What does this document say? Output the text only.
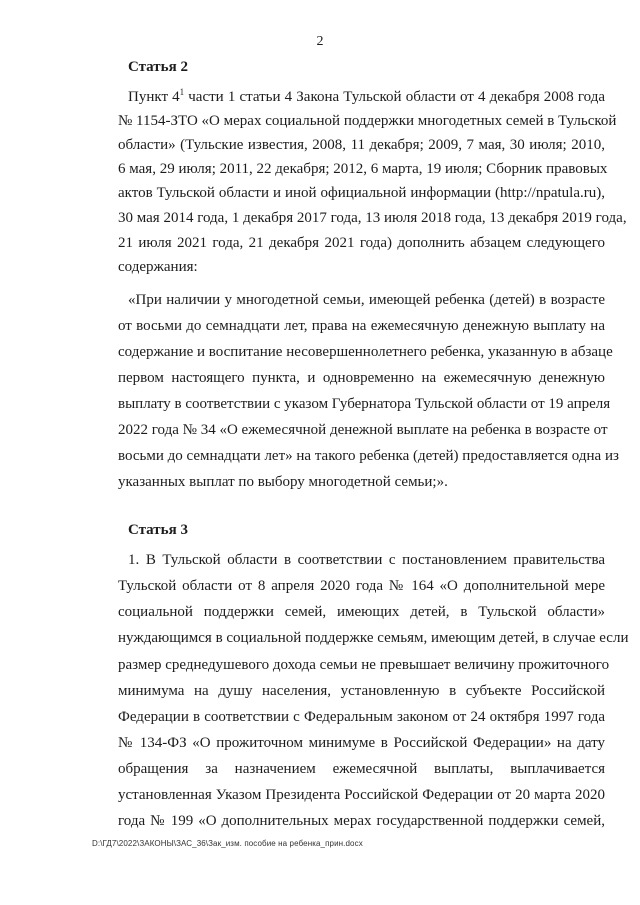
2
Статья 2
Пункт $4^1$ части 1 статьи 4 Закона Тульской области от 4 декабря 2008 года
№ 1154-ЗТО «О мерах социальной поддержки многодетных семей в Тульской
области» (Тульские известия, 2008, 11 декабря; 2009, 7 мая, 30 июля; 2010,
6 мая, 29 июля; 2011, 22 декабря; 2012, 6 марта, 19 июля; Сборник правовых
актов Тульской области и иной официальной информации (http://npatula.ru),
30 мая 2014 года, 1 декабря 2017 года, 13 июля 2018 года, 13 декабря 2019 года,
21 июля 2021 года, 21 декабря 2021 года) дополнить абзацем следующего
содержания:
«При наличии у многодетной семьи, имеющей ребенка (детей) в возрасте
от восьми до семнадцати лет, права на ежемесячную денежную выплату на
содержание и воспитание несовершеннолетнего ребенка, указанную в абзаце
первом настоящего пункта, и одновременно на ежемесячную денежную
выплату в соответствии с указом Губернатора Тульской области от 19 апреля
2022 года № 34 «О ежемесячной денежной выплате на ребенка в возрасте от
восьми до семнадцати лет» на такого ребенка (детей) предоставляется одна из
указанных выплат по выбору многодетной семьи;».
Статья 3
1. В Тульской области в соответствии с постановлением правительства
Тульской области от 8 апреля 2020 года № 164 «О дополнительной мере
социальной поддержки семей, имеющих детей, в Тульской области»
нуждающимся в социальной поддержке семьям, имеющим детей, в случае если
размер среднедушевого дохода семьи не превышает величину прожиточного
минимума на душу населения, установленную в субъекте Российской
Федерации в соответствии с Федеральным законом от 24 октября 1997 года
№ 134-ФЗ «О прожиточном минимуме в Российской Федерации» на дату
обращения за назначением ежемесячной выплаты, выплачивается
установленная Указом Президента Российской Федерации от 20 марта 2020
года № 199 «О дополнительных мерах государственной поддержки семей,
D:\ГД7\2022\ЗАКОНЫ\ЗАС_36\Зак_изм. пособие на ребенка_прин.docx
